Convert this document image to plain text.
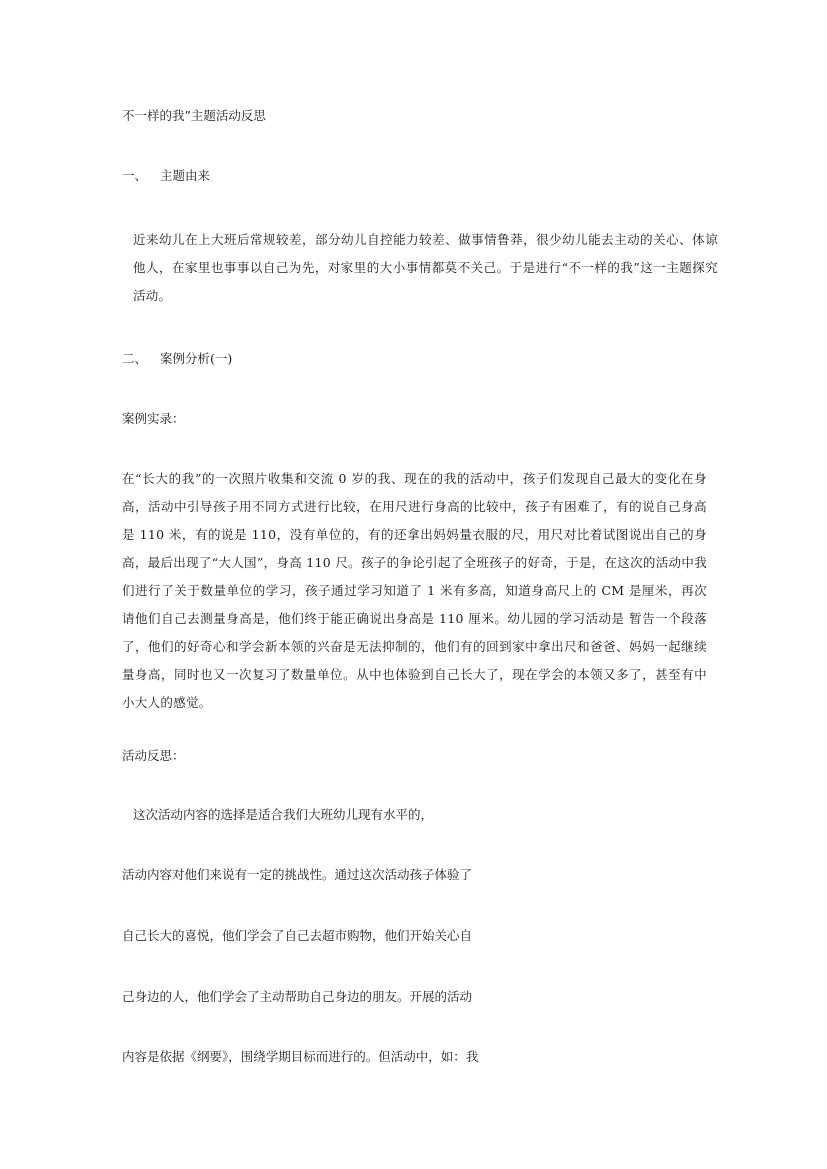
不一样的我”主题活动反思
一、 主题由来
近来幼儿在上大班后常规较差，部分幼儿自控能力较差、做事情鲁莽，很少幼儿能去主动的关心、体谅他人，在家里也事事以自己为先，对家里的大小事情都莫不关己。于是进行“不一样的我”这一主题探究活动。
二、 案例分析(一)
案例实录：
在“长大的我”的一次照片收集和交流 0 岁的我、现在的我的活动中，孩子们发现自己最大的变化在身高，活动中引导孩子用不同方式进行比较，在用尺进行身高的比较中，孩子有困难了，有的说自己身高是 110 米，有的说是 110，没有单位的，有的还拿出妈妈量衣服的尺，用尺对比着试图说出自己的身高，最后出现了“大人国”，身高 110 尺。孩子的争论引起了全班孩子的好奇，于是，在这次的活动中我们进行了关于数量单位的学习，孩子通过学习知道了 1 米有多高，知道身高尺上的 CM 是厘米，再次请他们自己去测量身高是，他们终于能正确说出身高是 110 厘米。幼儿园的学习活动是 暂告一个段落了，他们的好奇心和学会新本领的兴奋是无法抑制的，他们有的回到家中拿出尺和爸爸、妈妈一起继续量身高，同时也又一次复习了数量单位。从中也体验到自己长大了，现在学会的本领又多了，甚至有中小大人的感觉。
活动反思：
这次活动内容的选择是适合我们大班幼儿现有水平的，
活动内容对他们来说有一定的挑战性。通过这次活动孩子体验了
自己长大的喜悦，他们学会了自己去超市购物，他们开始关心自
己身边的人，他们学会了主动帮助自己身边的朋友。开展的活动
内容是依据《纲要》，围绕学期目标而进行的。但活动中，如：我
